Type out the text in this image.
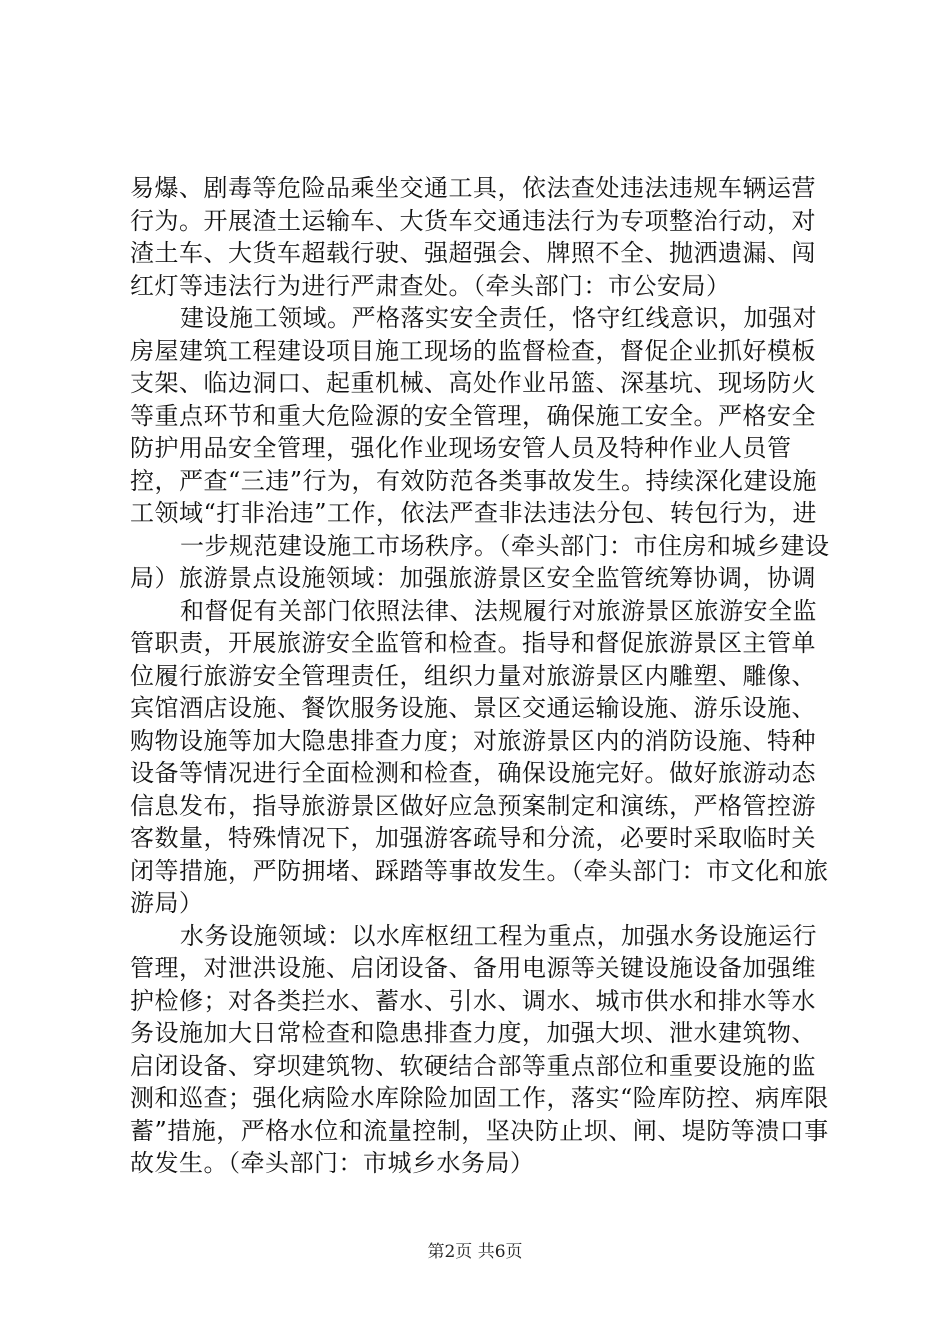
易爆、剧毒等危险品乘坐交通工具，依法查处违法违规车辆运营行为。开展渣土运输车、大货车交通违法行为专项整治行动，对渣土车、大货车超载行驶、强超强会、牌照不全、抛洒遗漏、闯红灯等违法行为进行严肃查处。（牵头部门：市公安局）

建设施工领域。严格落实安全责任，恪守红线意识，加强对房屋建筑工程建设项目施工现场的监督检查，督促企业抓好模板支架、临边洞口、起重机械、高处作业吊篮、深基坑、现场防火等重点环节和重大危险源的安全管理，确保施工安全。严格安全防护用品安全管理，强化作业现场安管人员及特种作业人员管控，严查“三违”行为，有效防范各类事故发生。持续深化建设施工领域“打非治违”工作，依法严查非法违法分包、转包行为，进

一步规范建设施工市场秩序。（牵头部门：市住房和城乡建设局）旅游景点设施领域：加强旅游景区安全监管统筹协调，协调

和督促有关部门依照法律、法规履行对旅游景区旅游安全监管职责，开展旅游安全监管和检查。指导和督促旅游景区主管单位履行旅游安全管理责任，组织力量对旅游景区内雕塑、雕像、宾馆酒店设施、餐饮服务设施、景区交通运输设施、游乐设施、购物设施等加大隐患排查力度；对旅游景区内的消防设施、特种设备等情况进行全面检测和检查，确保设施完好。做好旅游动态信息发布，指导旅游景区做好应急预案制定和演练，严格管控游客数量，特殊情况下，加强游客疏导和分流，必要时采取临时关闭等措施，严防拥堵、踩踏等事故发生。（牵头部门：市文化和旅游局）

水务设施领域：以水库枢纽工程为重点，加强水务设施运行管理，对泄洪设施、启闭设备、备用电源等关键设施设备加强维护检修；对各类拦水、蓄水、引水、调水、城市供水和排水等水务设施加大日常检查和隐患排查力度，加强大坝、泄水建筑物、启闭设备、穿坝建筑物、软硬结合部等重点部位和重要设施的监测和巡查；强化病险水库除险加固工作，落实“险库防控、病库限蓄”措施，严格水位和流量控制，坚决防止坝、闸、堤防等溃口事故发生。（牵头部门：市城乡水务局）

第2页 共6页
